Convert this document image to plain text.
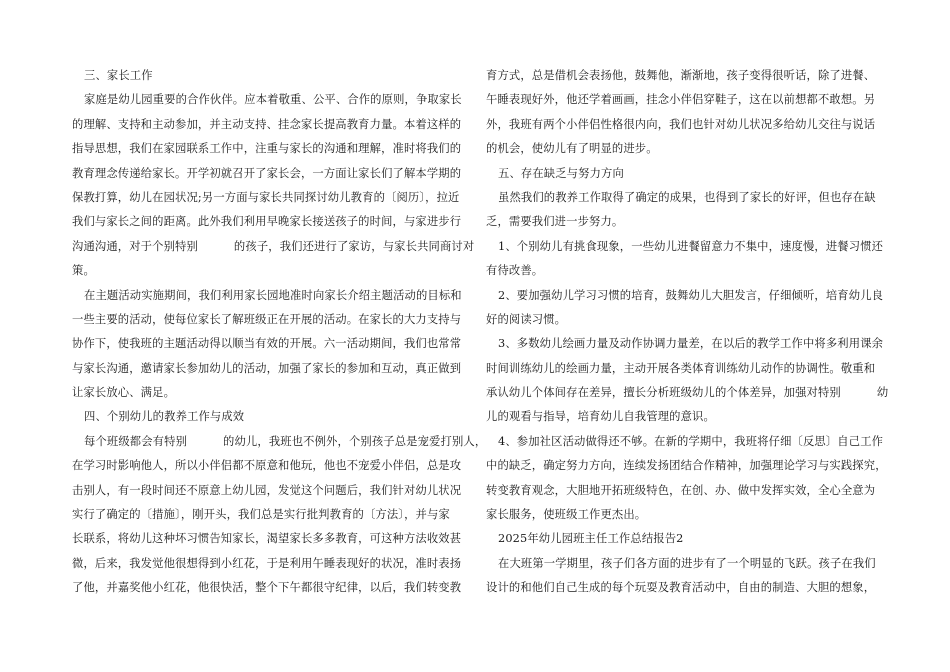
三、家长工作
家庭是幼儿园重要的合作伙伴。应本着敬重、公平、合作的原则，争取家长
的理解、支持和主动参加，并主动支持、挂念家长提高教育力量。本着这样的
指导思想，我们在家园联系工作中，注重与家长的沟通和理解，准时将我们的
教育理念传递给家长。开学初就召开了家长会，一方面让家长们了解本学期的
保教打算，幼儿在园状况;另一方面与家长共同探讨幼儿教育的〔阅历〕，拉近
我们与家长之间的距离。此外我们利用早晚家长接送孩子的时间，与家进步行
沟通沟通，对于个别特别	的孩子，我们还进行了家访，与家长共同商讨对
策。
在主题活动实施期间，我们利用家长园地准时向家长介绍主题活动的目标和
一些主要的活动，使每位家长了解班级正在开展的活动。在家长的大力支持与
协作下，使我班的主题活动得以顺当有效的开展。六一活动期间，我们也常常
与家长沟通，邀请家长参加幼儿的活动，加强了家长的参加和互动，真正做到
让家长放心、满足。
四、个别幼儿的教养工作与成效
每个班级都会有特别	的幼儿，我班也不例外，个别孩子总是宠爱打别人，
在学习时影响他人，所以小伴侣都不原意和他玩，他也不宠爱小伴侣，总是攻
击别人，有一段时间还不原意上幼儿园，发觉这个问题后，我们针对幼儿状况
实行了确定的〔措施〕，刚开头，我们总是实行批判教育的〔方法〕，并与家
长联系，将幼儿这种坏习惯告知家长，渴望家长多多教育，可这种方法收效甚
微，后来，我发觉他很想得到小红花，于是利用午睡表现好的状况，准时表扬
了他，并嘉奖他小红花，他很快活，整个下午都很守纪律，以后，我们转变教
育方式，总是借机会表扬他，鼓舞他，渐渐地，孩子变得很听话，除了进餐、
午睡表现好外，他还学着画画，挂念小伴侣穿鞋子，这在以前想都不敢想。另
外，我班有两个小伴侣性格很内向，我们也针对幼儿状况多给幼儿交往与说话
的机会，使幼儿有了明显的进步。
五、存在缺乏与努力方向
虽然我们的教养工作取得了确定的成果，也得到了家长的好评，但也存在缺
乏，需要我们进一步努力。
1、个别幼儿有挑食现象，一些幼儿进餐留意力不集中，速度慢，进餐习惯还
有待改善。
2、要加强幼儿学习习惯的培育，鼓舞幼儿大胆发言，仔细倾听，培育幼儿良
好的阅读习惯。
3、多数幼儿绘画力量及动作协调力量差，在以后的教学工作中将多利用课余
时间训练幼儿的绘画力量，主动开展各类体育训练幼儿动作的协调性。敬重和
承认幼儿个体间存在差异，擅长分析班级幼儿的个体差异，加强对特别	幼
儿的观看与指导，培育幼儿自我管理的意识。
4、参加社区活动做得还不够。在新的学期中，我班将仔细〔反思〕自己工作
中的缺乏，确定努力方向，连续发扬团结合作精神，加强理论学习与实践探究，
转变教育观念，大胆地开拓班级特色，在创、办、做中发挥实效，全心全意为
家长服务，使班级工作更杰出。
2025年幼儿园班主任工作总结报告2
在大班第一学期里，孩子们各方面的进步有了一个明显的飞跃。孩子在我们
设计的和他们自己生成的每个玩耍及教育活动中，自由的制造、大胆的想象，
